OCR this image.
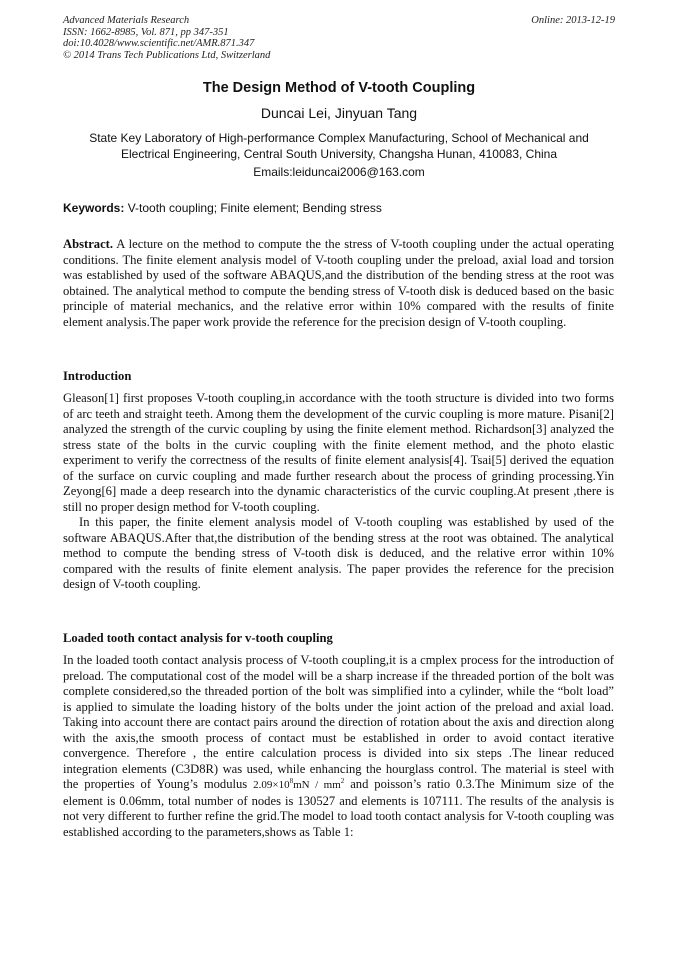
Advanced Materials Research
ISSN: 1662-8985, Vol. 871, pp 347-351
doi:10.4028/www.scientific.net/AMR.871.347
© 2014 Trans Tech Publications Ltd, Switzerland
Online: 2013-12-19
The Design Method of V-tooth Coupling
Duncai Lei, Jinyuan Tang
State Key Laboratory of High-performance Complex Manufacturing, School of Mechanical and Electrical Engineering, Central South University, Changsha Hunan, 410083, China
Emails:leiduncai2006@163.com
Keywords: V-tooth coupling; Finite element; Bending stress

Abstract. A lecture on the method to compute the the stress of V-tooth coupling under the actual operating conditions. The finite element analysis model of V-tooth coupling under the preload, axial load and torsion was established by used of the software ABAQUS,and the distribution of the bending stress at the root was obtained. The analytical method to compute the bending stress of V-tooth disk is deduced based on the basic principle of material mechanics, and the relative error within 10% compared with the results of finite element analysis.The paper work provide the reference for the precision design of V-tooth coupling.

Introduction

Gleason[1] first proposes V-tooth coupling,in accordance with the tooth structure is divided into two forms of arc teeth and straight teeth. Among them the development of the curvic coupling is more mature. Pisani[2] analyzed the strength of the curvic coupling by using the finite element method. Richardson[3] analyzed the stress state of the bolts in the curvic coupling with the finite element method, and the photo elastic experiment to verify the correctness of the results of finite element analysis[4]. Tsai[5] derived the equation of the surface on curvic coupling and made further research about the process of grinding processing.Yin Zeyong[6] made a deep research into the dynamic characteristics of the curvic coupling.At present ,there is still no proper design method for V-tooth coupling.

In this paper, the finite element analysis model of V-tooth coupling was established by used of the software ABAQUS.After that,the distribution of the bending stress at the root was obtained. The analytical method to compute the bending stress of V-tooth disk is deduced, and the relative error within 10% compared with the results of finite element analysis. The paper provides the reference for the precision design of V-tooth coupling.

Loaded tooth contact analysis for v-tooth coupling

In the loaded tooth contact analysis process of V-tooth coupling,it is a cmplex process for the introduction of preload. The computational cost of the model will be a sharp increase if the threaded portion of the bolt was complete considered,so the threaded portion of the bolt was simplified into a cylinder, while the “bolt load” is applied to simulate the loading history of the bolts under the joint action of the preload and axial load. Taking into account there are contact pairs around the direction of rotation about the axis and direction along with the axis,the smooth process of contact must be established in order to avoid contact iterative convergence. Therefore , the entire calculation process is divided into six steps .The linear reduced integration elements (C3D8R) was used, while enhancing the hourglass control. The material is steel with the properties of Young’s modulus $2.09\times 10^8mN / mm^2$ and poisson’s ratio 0.3.The Minimum size of the element is 0.06mm, total number of nodes is 130527 and elements is 107111. The results of the analysis is not very different to further refine the grid.The model to load tooth contact analysis for V-tooth coupling was established according to the parameters,shows as Table 1:
